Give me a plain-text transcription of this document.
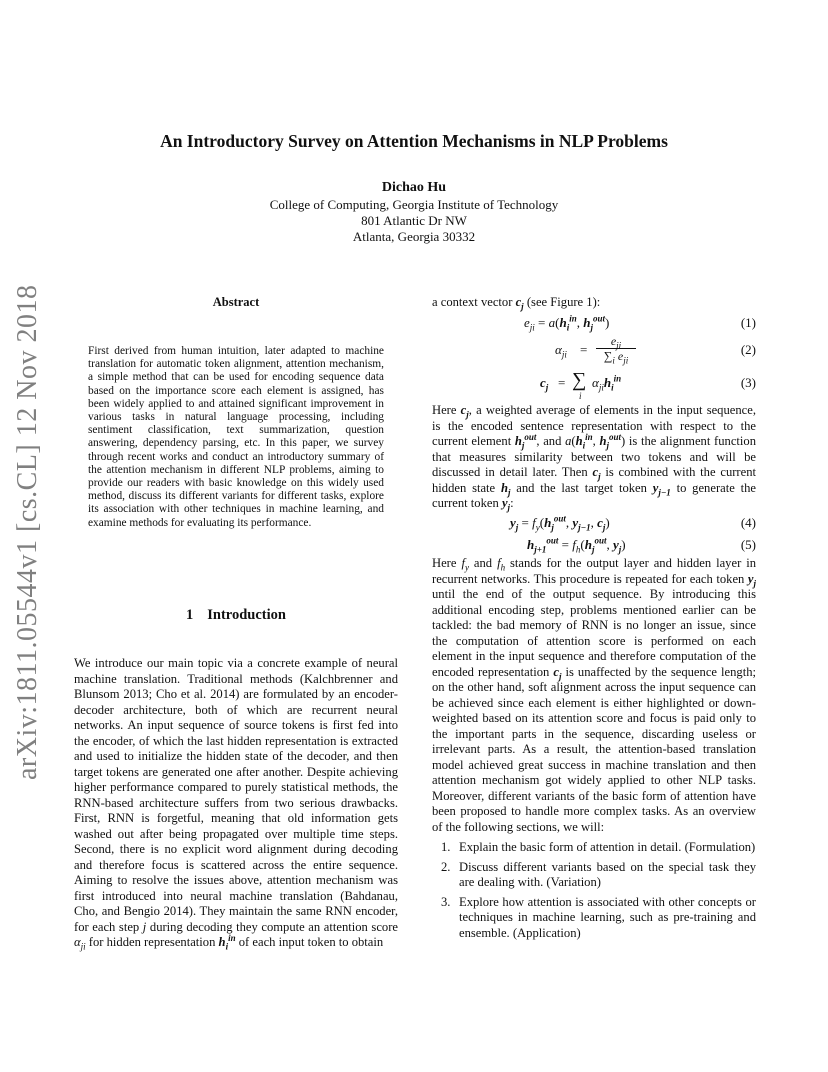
arXiv:1811.05544v1 [cs.CL] 12 Nov 2018
An Introductory Survey on Attention Mechanisms in NLP Problems
Dichao Hu
College of Computing, Georgia Institute of Technology
801 Atlantic Dr NW
Atlanta, Georgia 30332
Abstract
First derived from human intuition, later adapted to machine translation for automatic token alignment, attention mechanism, a simple method that can be used for encoding sequence data based on the importance score each element is assigned, has been widely applied to and attained significant improvement in various tasks in natural language processing, including sentiment classification, text summarization, question answering, dependency parsing, etc. In this paper, we survey through recent works and conduct an introductory summary of the attention mechanism in different NLP problems, aiming to provide our readers with basic knowledge on this widely used method, discuss its different variants for different tasks, explore its association with other techniques in machine learning, and examine methods for evaluating its performance.
1 Introduction
We introduce our main topic via a concrete example of neural machine translation. Traditional methods (Kalchbrenner and Blunsom 2013; Cho et al. 2014) are formulated by an encoder-decoder architecture, both of which are recurrent neural networks. An input sequence of source tokens is first fed into the encoder, of which the last hidden representation is extracted and used to initialize the hidden state of the decoder, and then target tokens are generated one after another. Despite achieving higher performance compared to purely statistical methods, the RNN-based architecture suffers from two serious drawbacks. First, RNN is forgetful, meaning that old information gets washed out after being propagated over multiple time steps. Second, there is no explicit word alignment during decoding and therefore focus is scattered across the entire sequence. Aiming to resolve the issues above, attention mechanism was first introduced into neural machine translation (Bahdanau, Cho, and Bengio 2014). They maintain the same RNN encoder, for each step j during decoding they compute an attention score $\alpha_{ji}$ for hidden representation $h_i^{in}$ of each input token to obtain
a context vector $c_j$ (see Figure 1):
$e_{ji} = a(h_i^{in}$, $h_j^{out}$)	(1)
$\alpha_{ji}$ =
$e_{ji}$
$\sum_i$ $e_{ji}$
(2)
$c_j$ = ∑
i
$\alpha_{ji}h_i^{in}$	(3)
Here $c_j$, a weighted average of elements in the input sequence, is the encoded sentence representation with respect to the current element $h_j^{out}$, and $a(h_i^{in}$, $h_j^{out}$) is the alignment function that measures similarity between two tokens and will be discussed in detail later. Then $c_j$ is combined with the current hidden state $h_j$ and the last target token $y_{j-1}$ to generate the current token $y_j$:
$y_j = f_y(h_j^{out}$, $y_{j-1}$, $c_j$)	(4)
$h_{j+1}^{out} = f_h(h_j^{out}$, $y_j$)	(5)
Here $f_y$ and $f_h$ stands for the output layer and hidden layer in recurrent networks. This procedure is repeated for each token $y_j$ until the end of the output sequence. By introducing this additional encoding step, problems mentioned earlier can be tackled: the bad memory of RNN is no longer an issue, since the computation of attention score is performed on each element in the input sequence and therefore computation of the encoded representation $c_j$ is unaffected by the sequence length; on the other hand, soft alignment across the input sequence can be achieved since each element is either highlighted or down-weighted based on its attention score and focus is paid only to the important parts in the sequence, discarding useless or irrelevant parts. As a result, the attention-based translation model achieved great success in machine translation and then attention mechanism got widely applied to other NLP tasks. Moreover, different variants of the basic form of attention have been proposed to handle more complex tasks. As an overview of the following sections, we will:
1. Explain the basic form of attention in detail. (Formulation)
2. Discuss different variants based on the special task they are dealing with. (Variation)
3. Explore how attention is associated with other concepts or techniques in machine learning, such as pre-training and ensemble. (Application)
